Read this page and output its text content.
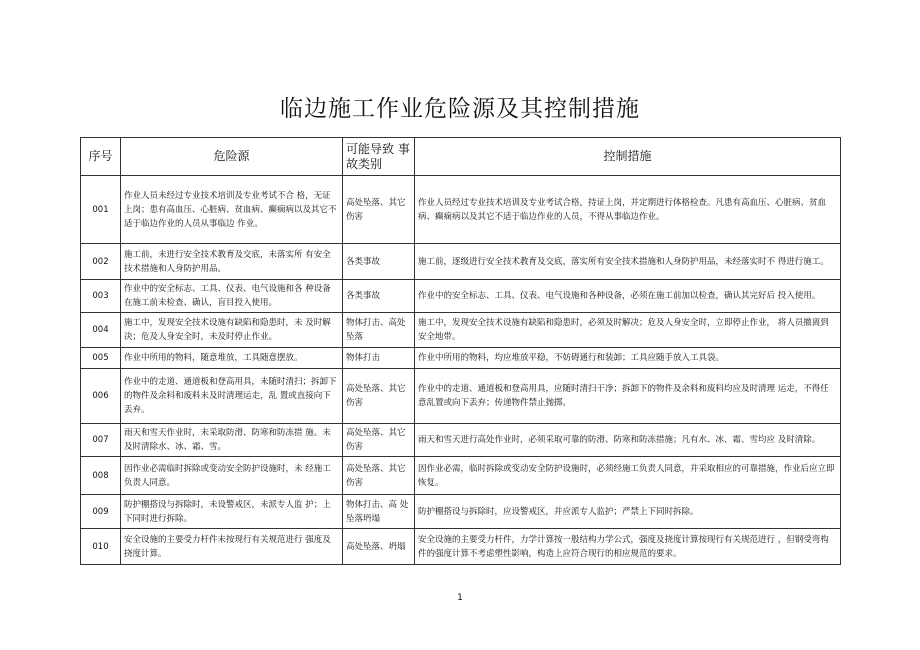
临边施工作业危险源及其控制措施
序号	危险源	可能导致 事故类别	控制措施
001	作业人员未经过专业技术培训及专业考试不合 格，无证上岗；患有高血压、心脏病、贫血病、癫痫病以及其它不适于临边作业的人员从事临边 作业。	高处坠落、其它伤害	作业人员经过专业技术培训及专业考试合格，持证上岗，并定期进行体格检查。凡患有高血压、心脏病、贫血病、癫痫病以及其它不适于临边作业的人员，不得从事临边作业。
002	施工前，未进行安全技术教育及交底，未落实所 有安全技术措施和人身防护用品。	各类事故	施工前，逐级进行安全技术教育及交底，落实所有安全技术措施和人身防护用品，未经落实时不 得进行施工。
003	作业中的安全标志、工具、仪表、电气设施和各 种设备在施工前未检查、确认，盲目投入使用。	各类事故	作业中的安全标志、工具、仪表、电气设施和各种设备，必须在施工前加以检查，确认其完好后 投入使用。
004	施工中，发现安全技术设施有缺陷和隐患时，未 及时解决；危及人身安全时，未及时停止作业。	物体打击、高处坠落	施工中，发现安全技术设施有缺陷和隐患时，必须及时解决；危及人身安全时，立即停止作业， 将人员撤离到安全地带。
005	作业中所用的物料，随意堆放，工具随意摆放。	物体打击	作业中所用的物料，均应堆放平稳，不妨碍通行和装卸；工具应随手放入工具袋。
006	作业中的走道、通道板和登高用具，未随时清扫；拆卸下的物件及余料和废料未及时清理运走，乱 置或直接向下丢弃。	高处坠落、其它伤害	作业中的走道、通道板和登高用具，应随时清扫干净；拆卸下的物件及余料和废料均应及时清理 运走，不得任意乱置或向下丢弃；传递物件禁止抛掷。
007	雨天和雪天作业时，未采取防滑、防寒和防冻措 施。未及时清除水、冰、霜、雪。	高处坠落、其它伤害	雨天和雪天进行高处作业时，必须采取可靠的防滑、防寒和防冻措施；凡有水、冰、霜、雪均应 及时清除。
008	因作业必需临时拆除或变动安全防护设施时，未 经施工负责人同意。	高处坠落、其它伤害	因作业必需，临时拆除或变动安全防护设施时，必须经施工负责人同意，并采取相应的可靠措施，作业后应立即恢复。
009	防护棚搭设与拆除时，未设警戒区，未派专人监 护；上下同时进行拆除。	物体打击、高 处坠落坍塌	防护棚搭设与拆除时，应设警戒区，并应派专人监护；严禁上下同时拆除。
010	安全设施的主要受力杆件未按现行有关规范进行 强度及挠度计算。	高处坠落、坍塌	安全设施的主要受力杆件，力学计算按一般结构力学公式，强度及挠度计算按现行有关规范进行 ，但钢受弯构件的强度计算不考虑塑性影响，构造上应符合现行的相应规范的要求。
1
